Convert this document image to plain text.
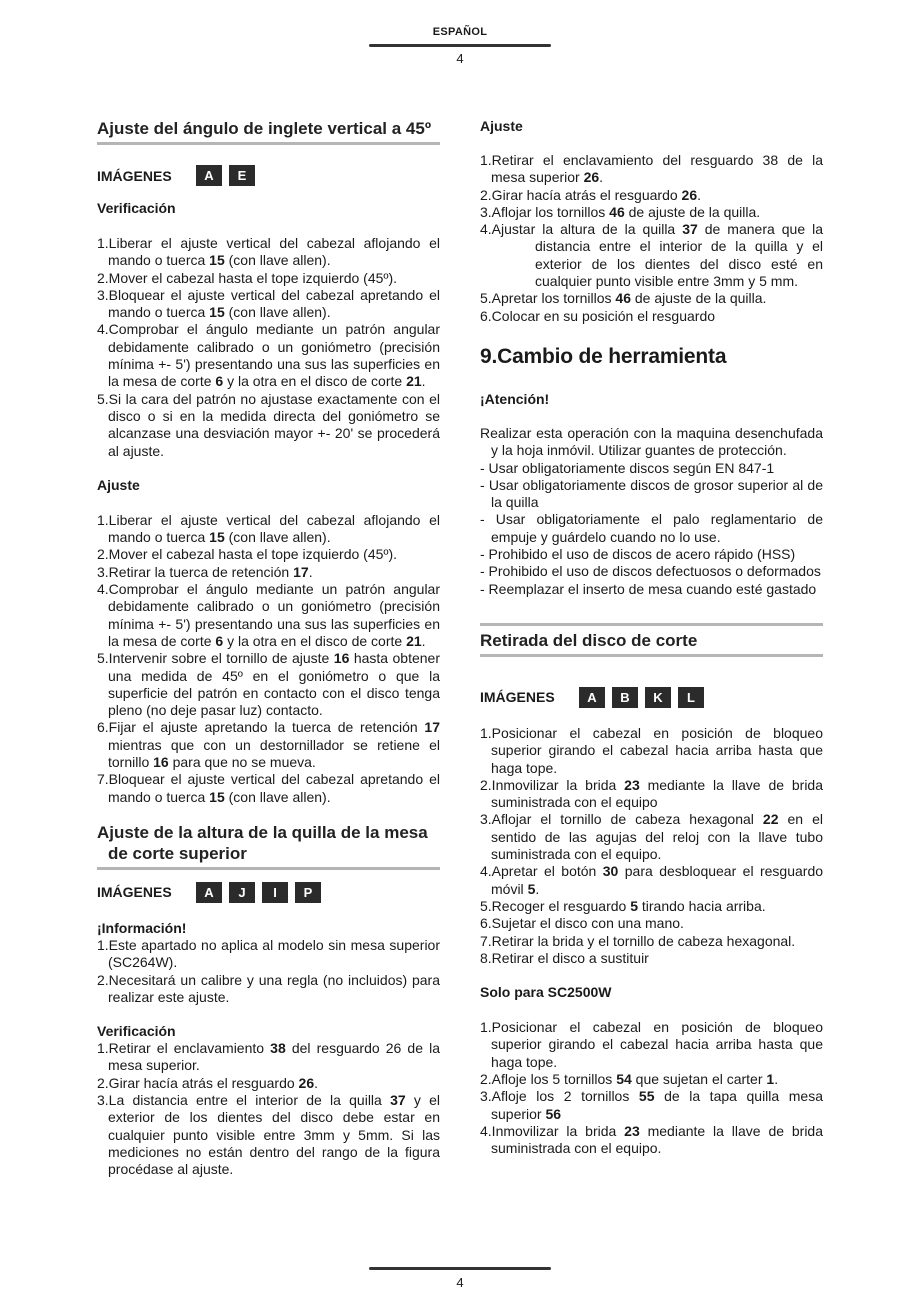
ESPAÑOL
4
Ajuste del ángulo de inglete vertical a 45º
IMÁGENES	A	E
Verificación
1.Liberar el ajuste vertical del cabezal aflojando el mando o tuerca 15 (con llave allen).
2.Mover el cabezal hasta el tope izquierdo (45º).
3.Bloquear el ajuste vertical del cabezal apretando el mando o tuerca 15 (con llave allen).
4.Comprobar el ángulo mediante un patrón angular debidamente calibrado o un goniómetro (precisión mínima +- 5') presentando una sus las superficies en la mesa de corte 6 y la otra en el disco de corte 21.
5.Si la cara del patrón no ajustase exactamente con el disco o si en la medida directa del goniómetro se alcanzase una desviación mayor +- 20' se procederá al ajuste.
Ajuste
1.Liberar el ajuste vertical del cabezal aflojando el mando o tuerca 15 (con llave allen).
2.Mover el cabezal hasta el tope izquierdo (45º).
3.Retirar la tuerca de retención 17.
4.Comprobar el ángulo mediante un patrón angular debidamente calibrado o un goniómetro (precisión mínima +- 5') presentando una sus las superficies en la mesa de corte 6 y la otra en el disco de corte 21.
5.Intervenir sobre el tornillo de ajuste 16 hasta obtener una medida de 45º en el goniómetro o que la superficie del patrón en contacto con el disco tenga pleno (no deje pasar luz) contacto.
6.Fijar el ajuste apretando la tuerca de retención 17 mientras que con un destornillador se retiene el tornillo 16 para que no se mueva.
7.Bloquear el ajuste vertical del cabezal apretando el mando o tuerca 15 (con llave allen).
Ajuste de la altura de la quilla de la mesa de corte superior
IMÁGENES	A	J	I	P
¡Información!
1.Este apartado no aplica al modelo sin mesa superior (SC264W).
2.Necesitará un calibre y una regla (no incluidos) para realizar este ajuste.
Verificación
1.Retirar el enclavamiento 38 del resguardo 26 de la mesa superior.
2.Girar hacía atrás el resguardo 26.
3.La distancia entre el interior de la quilla 37 y el exterior de los dientes del disco debe estar en cualquier punto visible entre 3mm y 5mm. Si las mediciones no están dentro del rango de la figura procédase al ajuste.
Ajuste
1.Retirar el enclavamiento del resguardo 38 de la mesa superior 26.
2.Girar hacía atrás el resguardo 26.
3.Aflojar los tornillos 46 de ajuste de la quilla.
4.Ajustar la altura de la quilla 37 de manera que la distancia entre el interior de la quilla y el exterior de los dientes del disco esté en cualquier punto visible entre 3mm y 5 mm.
5.Apretar los tornillos 46 de ajuste de la quilla.
6.Colocar en su posición el resguardo
9.Cambio de herramienta
¡Atención!

Realizar esta operación con la maquina desenchufada y la hoja inmóvil. Utilizar guantes de protección.

- Usar obligatoriamente discos según EN 847-1
- Usar obligatoriamente discos de grosor superior al de la quilla
- Usar obligatoriamente el palo reglamentario de empuje y guárdelo cuando no lo use.
- Prohibido el uso de discos de acero rápido (HSS)
- Prohibido el uso de discos defectuosos o deformados
- Reemplazar el inserto de mesa cuando esté gastado
Retirada del disco de corte
IMÁGENES	A	B	K	L
1.Posicionar el cabezal en posición de bloqueo superior girando el cabezal hacia arriba hasta que haga tope.
2.Inmovilizar la brida 23 mediante la llave de brida suministrada con el equipo
3.Aflojar el tornillo de cabeza hexagonal 22 en el sentido de las agujas del reloj con la llave tubo suministrada con el equipo.
4.Apretar el botón 30 para desbloquear el resguardo móvil 5.
5.Recoger el resguardo 5 tirando hacia arriba.
6.Sujetar el disco con una mano.
7.Retirar la brida y el tornillo de cabeza hexagonal.
8.Retirar el disco a sustituir
Solo para SC2500W
1.Posicionar el cabezal en posición de bloqueo superior girando el cabezal hacia arriba hasta que haga tope.
2.Afloje los 5 tornillos 54 que sujetan el carter 1.
3.Afloje los 2 tornillos 55 de la tapa quilla mesa superior 56
4.Inmovilizar la brida 23 mediante la llave de brida suministrada con el equipo.
4
